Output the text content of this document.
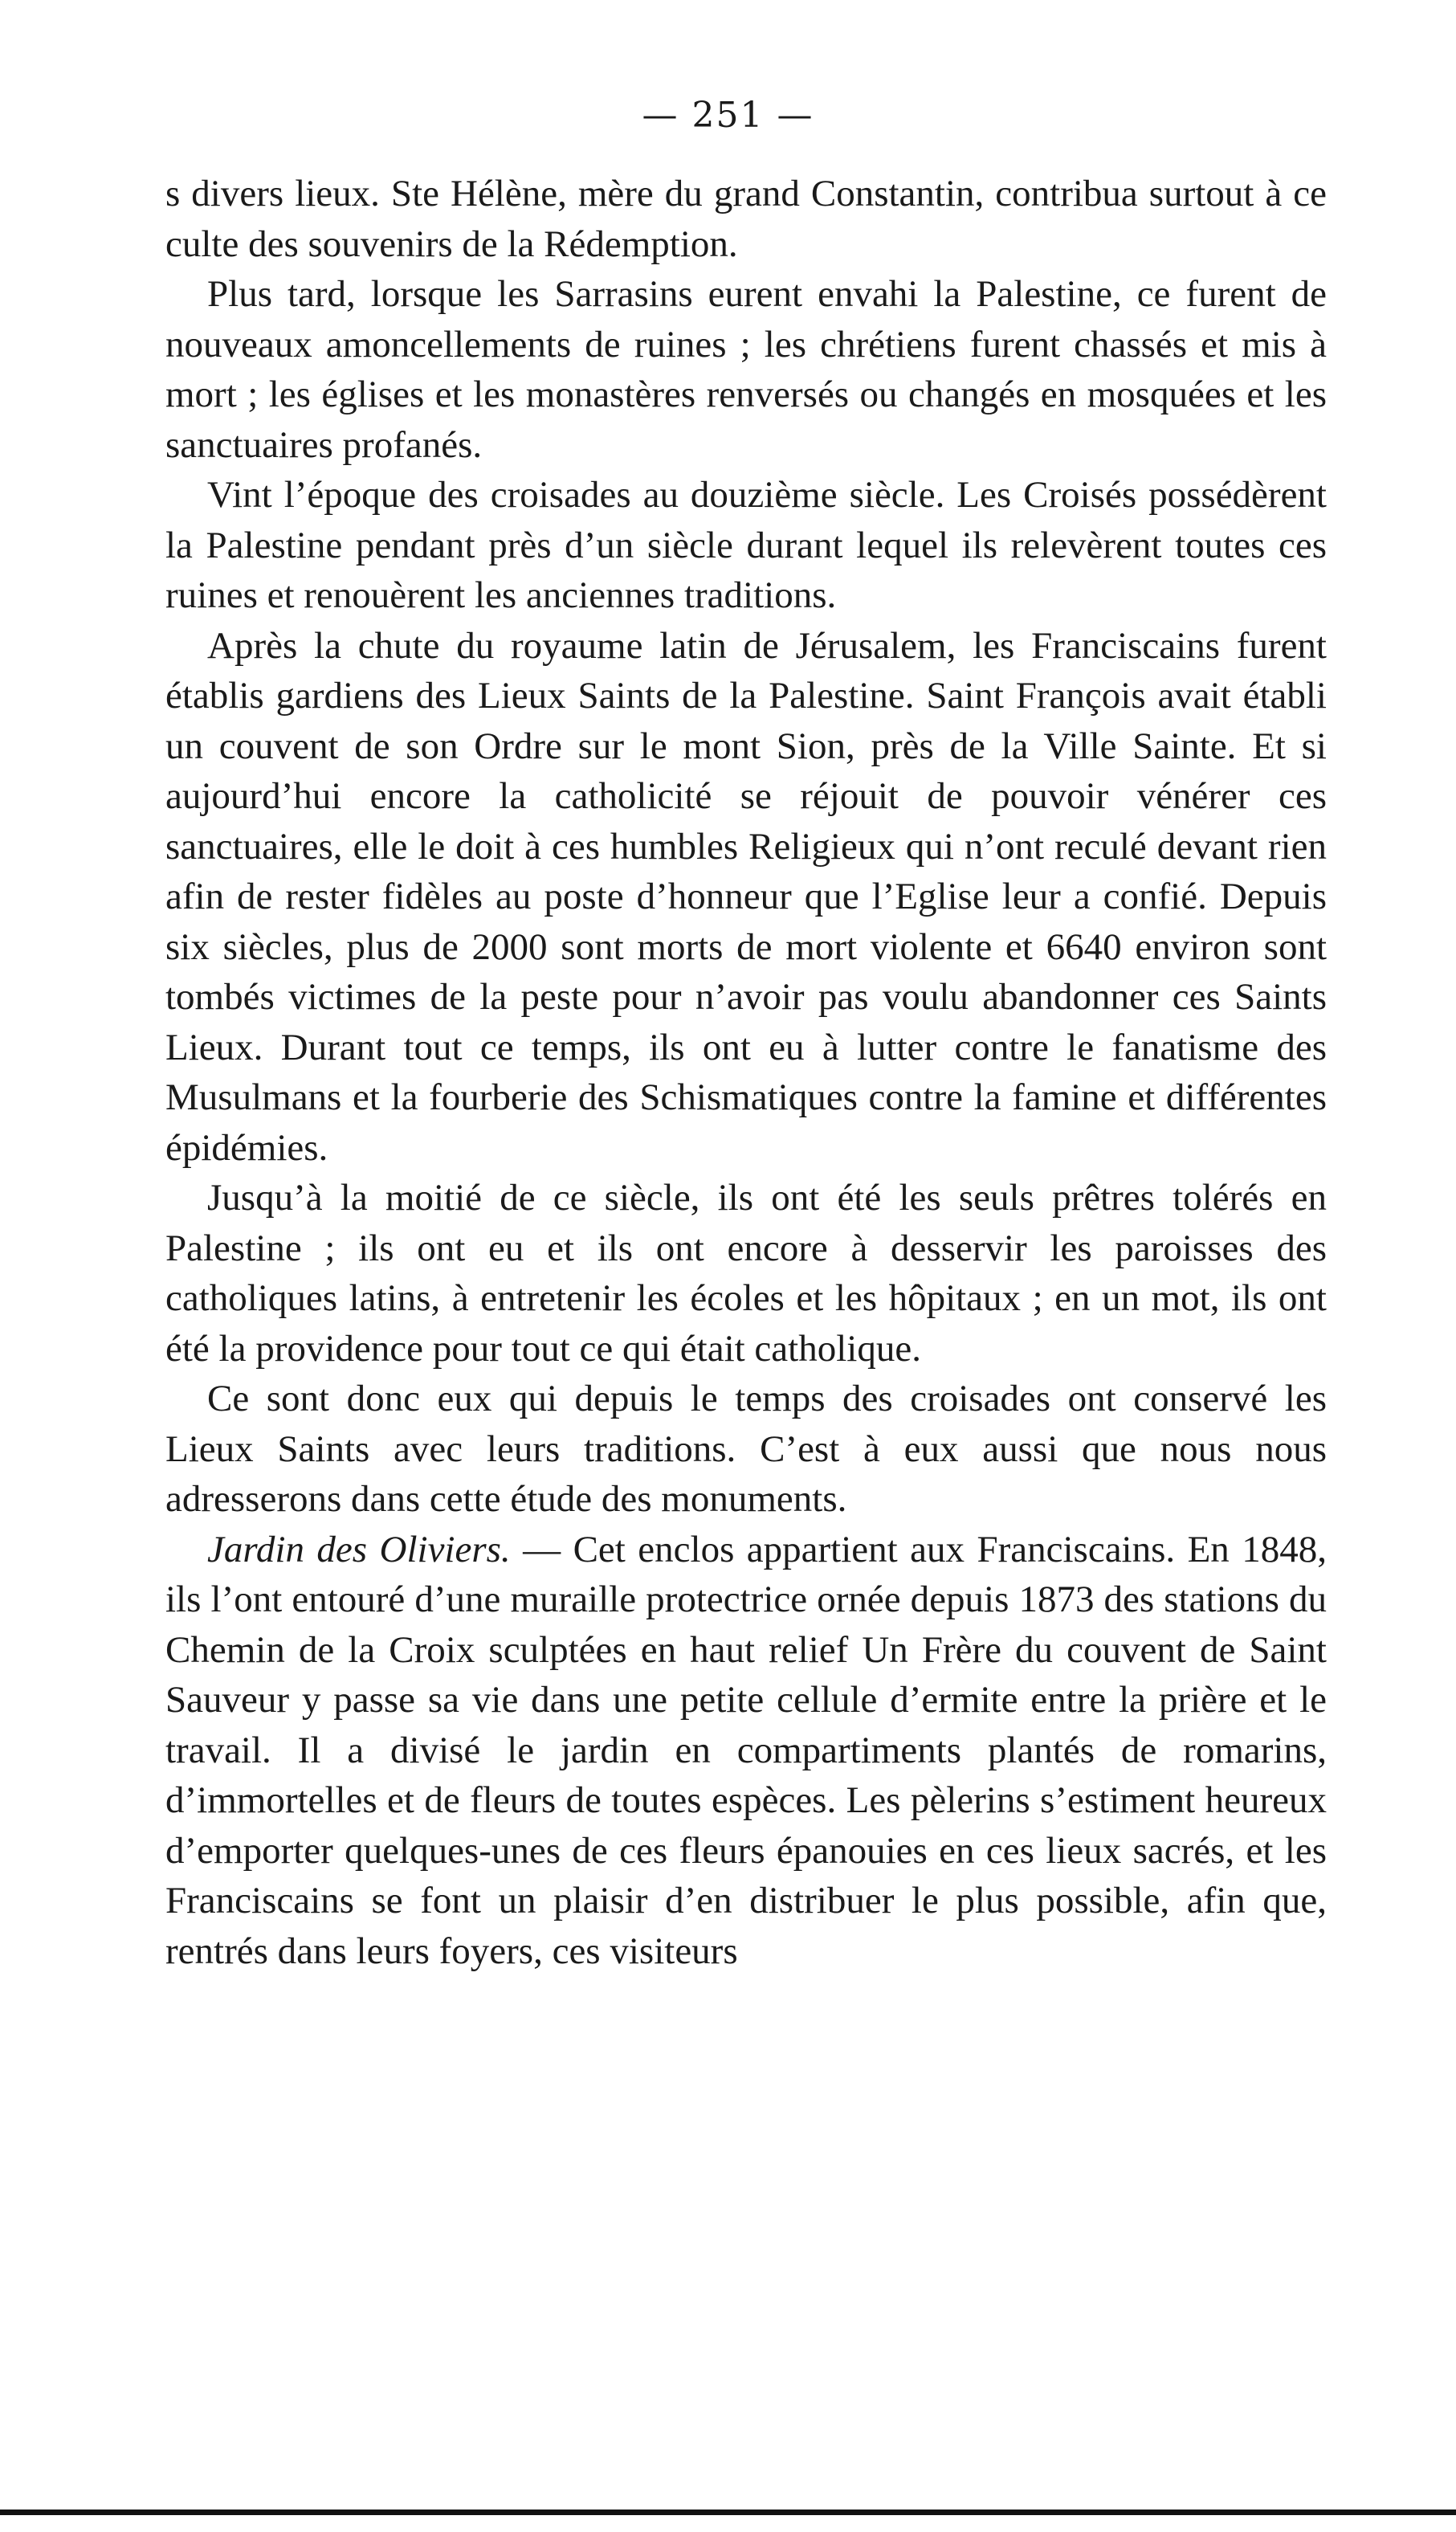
— 251 —

s divers lieux. Ste Hélène, mère du grand Constantin, contribua surtout à ce culte des souvenirs de la Rédemption.

Plus tard, lorsque les Sarrasins eurent envahi la Palestine, ce furent de nouveaux amoncellements de ruines ; les chrétiens furent chassés et mis à mort ; les églises et les monastères renversés ou changés en mosquées et les sanctuaires profanés.

Vint l’époque des croisades au douzième siècle. Les Croisés possédèrent la Palestine pendant près d’un siècle durant lequel ils relevèrent toutes ces ruines et renouèrent les anciennes traditions.

Après la chute du royaume latin de Jérusalem, les Franciscains furent établis gardiens des Lieux Saints de la Palestine. Saint François avait établi un couvent de son Ordre sur le mont Sion, près de la Ville Sainte. Et si aujourd’hui encore la catholicité se réjouit de pouvoir vénérer ces sanctuaires, elle le doit à ces humbles Religieux qui n’ont reculé devant rien afin de rester fidèles au poste d’honneur que l’Eglise leur a confié. Depuis six siècles, plus de 2000 sont morts de mort violente et 6640 environ sont tombés victimes de la peste pour n’avoir pas voulu abandonner ces Saints Lieux. Durant tout ce temps, ils ont eu à lutter contre le fanatisme des Musulmans et la fourberie des Schismatiques contre la famine et différentes épidémies.

Jusqu’à la moitié de ce siècle, ils ont été les seuls prêtres tolérés en Palestine ; ils ont eu et ils ont encore à desservir les paroisses des catholiques latins, à entretenir les écoles et les hôpitaux ; en un mot, ils ont été la providence pour tout ce qui était catholique.

Ce sont donc eux qui depuis le temps des croisades ont conservé les Lieux Saints avec leurs traditions. C’est à eux aussi que nous nous adresserons dans cette étude des monuments.

Jardin des Oliviers. — Cet enclos appartient aux Franciscains. En 1848, ils l’ont entouré d’une muraille protectrice ornée depuis 1873 des stations du Chemin de la Croix sculptées en haut relief Un Frère du couvent de Saint Sauveur y passe sa vie dans une petite cellule d’ermite entre la prière et le travail. Il a divisé le jardin en compartiments plantés de romarins, d’immortelles et de fleurs de toutes espèces. Les pèlerins s’estiment heureux d’emporter quelques-unes de ces fleurs épanouies en ces lieux sacrés, et les Franciscains se font un plaisir d’en distribuer le plus possible, afin que, rentrés dans leurs foyers, ces visiteurs
